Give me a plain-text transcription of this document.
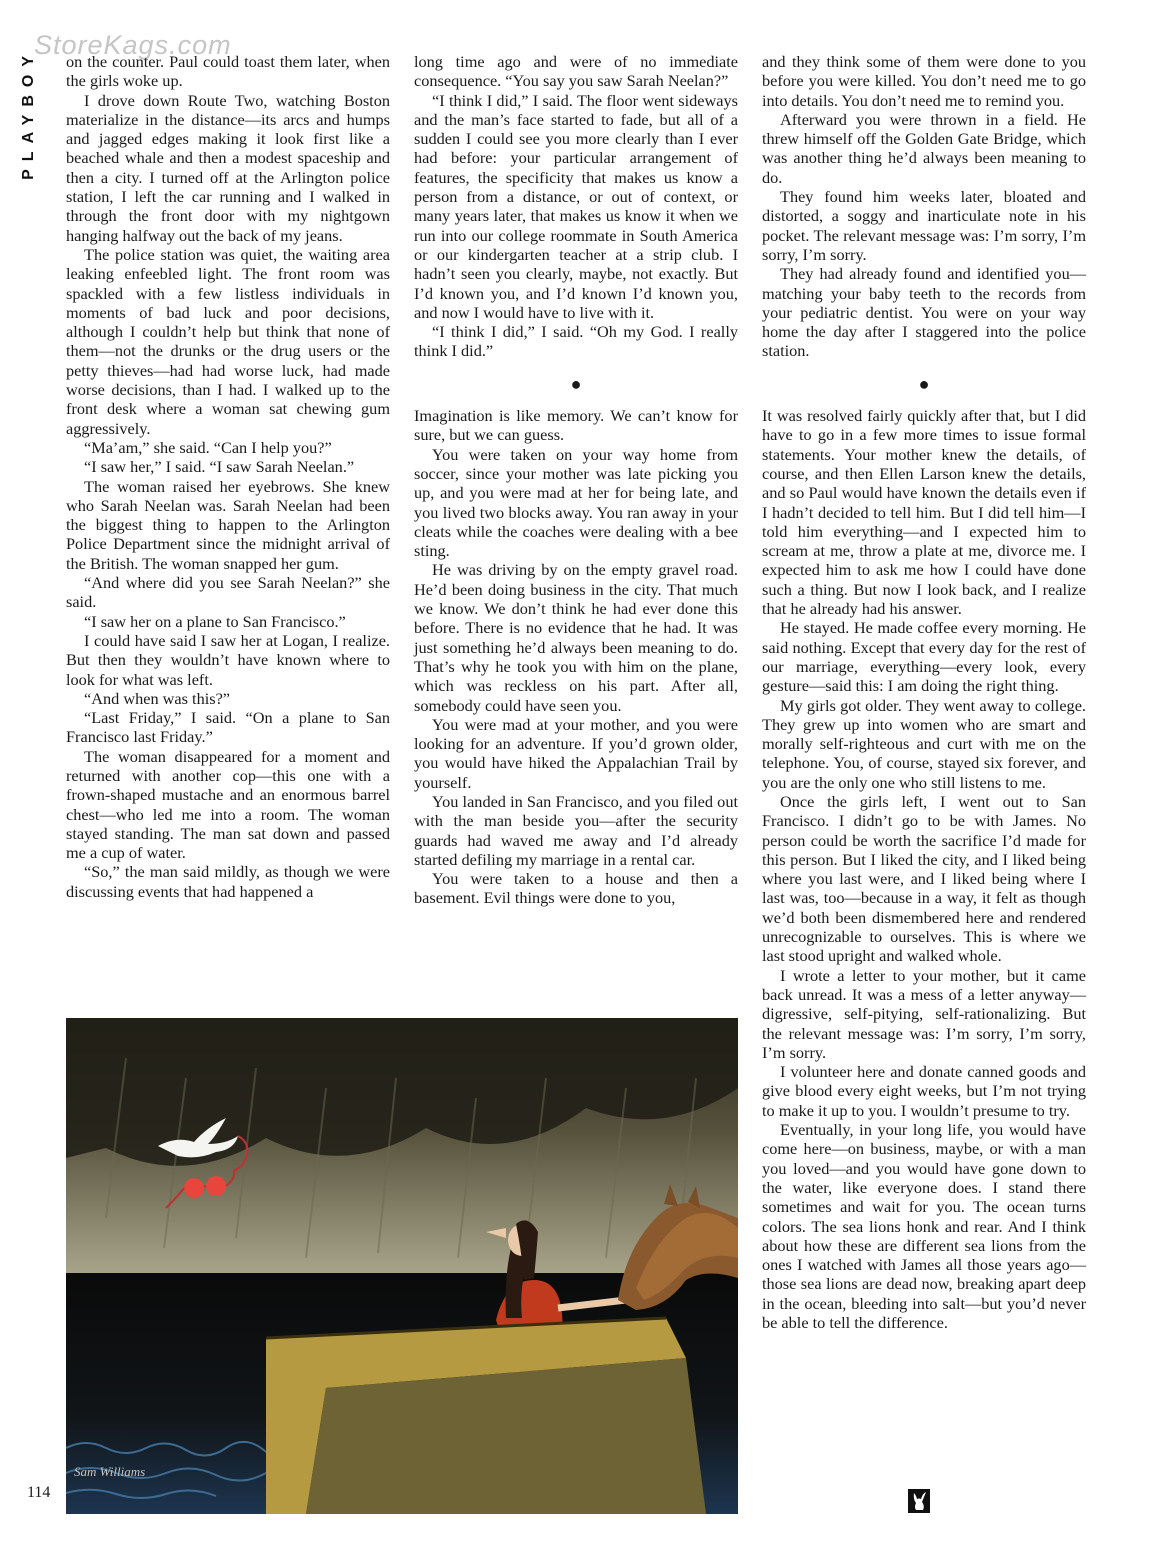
StoreKags.com
PLAYBOY	on the counter. Paul could toast them later, when the girls woke up.

I drove down Route Two, watching Boston materialize in the distance—its arcs and humps and jagged edges making it look first like a beached whale and then a modest spaceship and then a city. I turned off at the Arlington police station, I left the car running and I walked in through the front door with my nightgown hanging halfway out the back of my jeans.

The police station was quiet, the waiting area leaking enfeebled light. The front room was spackled with a few listless individuals in moments of bad luck and poor decisions, although I couldn’t help but think that none of them—not the drunks or the drug users or the petty thieves—had had worse luck, had made worse decisions, than I had. I walked up to the front desk where a woman sat chewing gum aggressively.

“Ma’am,” she said. “Can I help you?”

“I saw her,” I said. “I saw Sarah Neelan.”

The woman raised her eyebrows. She knew who Sarah Neelan was. Sarah Neelan had been the biggest thing to happen to the Arlington Police Department since the midnight arrival of the British. The woman snapped her gum.

“And where did you see Sarah Neelan?” she said.

“I saw her on a plane to San Francisco.”

I could have said I saw her at Logan, I realize. But then they wouldn’t have known where to look for what was left.

“And when was this?”

“Last Friday,” I said. “On a plane to San Francisco last Friday.”

The woman disappeared for a moment and returned with another cop—this one with a frown-shaped mustache and an enormous barrel chest—who led me into a room. The woman stayed standing. The man sat down and passed me a cup of water.

“So,” the man said mildly, as though we were discussing events that had happened a

long time ago and were of no immediate consequence. “You say you saw Sarah Neelan?”

“I think I did,” I said. The floor went sideways and the man’s face started to fade, but all of a sudden I could see you more clearly than I ever had before: your particular arrangement of features, the specificity that makes us know a person from a distance, or out of context, or many years later, that makes us know it when we run into our college roommate in South America or our kindergarten teacher at a strip club. I hadn’t seen you clearly, maybe, not exactly. But I’d known you, and I’d known I’d known you, and now I would have to live with it.

“I think I did,” I said. “Oh my God. I really think I did.”

●

Imagination is like memory. We can’t know for sure, but we can guess.

You were taken on your way home from soccer, since your mother was late picking you up, and you were mad at her for being late, and you lived two blocks away. You ran away in your cleats while the coaches were dealing with a bee sting.

He was driving by on the empty gravel road. He’d been doing business in the city. That much we know. We don’t think he had ever done this before. There is no evidence that he had. It was just something he’d always been meaning to do. That’s why he took you with him on the plane, which was reckless on his part. After all, somebody could have seen you.

You were mad at your mother, and you were looking for an adventure. If you’d grown older, you would have hiked the Appalachian Trail by yourself.

You landed in San Francisco, and you filed out with the man beside you—after the security guards had waved me away and I’d already started defiling my marriage in a rental car.

You were taken to a house and then a basement. Evil things were done to you,

and they think some of them were done to you before you were killed. You don’t need me to go into details. You don’t need me to remind you.

Afterward you were thrown in a field. He threw himself off the Golden Gate Bridge, which was another thing he’d always been meaning to do.

They found him weeks later, bloated and distorted, a soggy and inarticulate note in his pocket. The relevant message was: I’m sorry, I’m sorry, I’m sorry.

They had already found and identified you—matching your baby teeth to the records from your pediatric dentist. You were on your way home the day after I staggered into the police station.

●

It was resolved fairly quickly after that, but I did have to go in a few more times to issue formal statements. Your mother knew the details, of course, and then Ellen Larson knew the details, and so Paul would have known the details even if I hadn’t decided to tell him. But I did tell him—I told him everything—and I expected him to scream at me, throw a plate at me, divorce me. I expected him to ask me how I could have done such a thing. But now I look back, and I realize that he already had his answer.

He stayed. He made coffee every morning. He said nothing. Except that every day for the rest of our marriage, everything—every look, every gesture—said this: I am doing the right thing.

My girls got older. They went away to college. They grew up into women who are smart and morally self-righteous and curt with me on the telephone. You, of course, stayed six forever, and you are the only one who still listens to me.

Once the girls left, I went out to San Francisco. I didn’t go to be with James. No person could be worth the sacrifice I’d made for this person. But I liked the city, and I liked being where you last were, and I liked being where I last was, too—because in a way, it felt as though we’d both been dismembered here and rendered unrecognizable to ourselves. This is where we last stood upright and walked whole.

I wrote a letter to your mother, but it came back unread. It was a mess of a letter anyway—digressive, self-pitying, self-rationalizing. But the relevant message was: I’m sorry, I’m sorry, I’m sorry.

I volunteer here and donate canned goods and give blood every eight weeks, but I’m not trying to make it up to you. I wouldn’t presume to try.

Eventually, in your long life, you would have come here—on business, maybe, or with a man you loved—and you would have gone down to the water, like everyone does. I stand there sometimes and wait for you. The ocean turns colors. The sea lions honk and rear. And I think about how these are different sea lions from the ones I watched with James all those years ago—those sea lions are dead now, breaking apart deep in the ocean, bleeding into salt—but you’d never be able to tell the difference.

Sam Williams
114
